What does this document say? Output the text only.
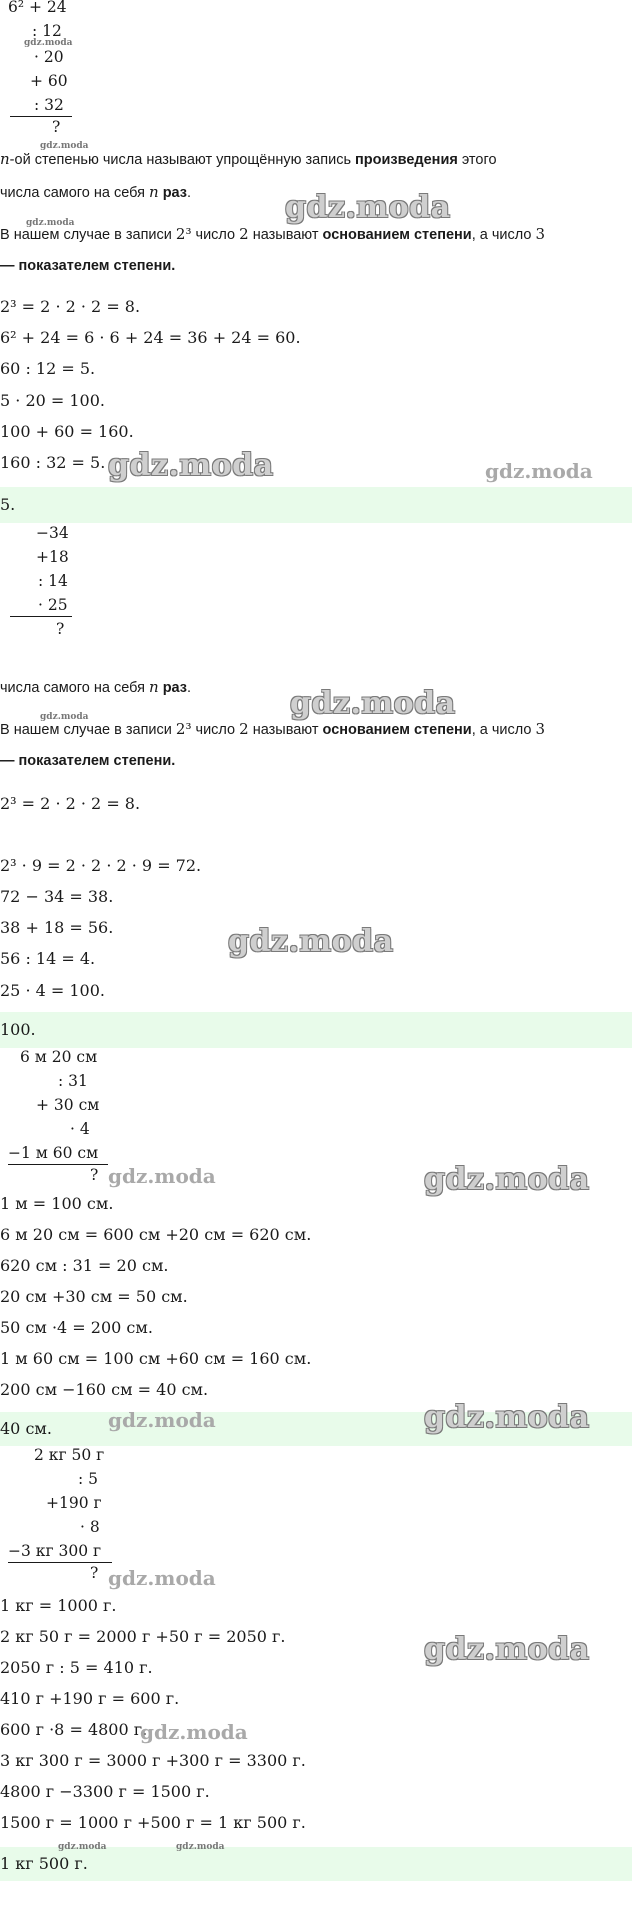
6² + 24
: 12
· 20
+ 60
: 32
?
n-ой степенью числа называют упрощённую запись произведения этого
числа самого на себя n раз.
В нашем случае в записи 2³ число 2 называют основанием степени, а число 3
— показателем степени.
2³ = 2 · 2 · 2 = 8.
6² + 24 = 6 · 6 + 24 = 36 + 24 = 60.
60 : 12 = 5.
5 · 20 = 100.
100 + 60 = 160.
160 : 32 = 5.
5.
−34
+18
: 14
· 25
?
числа самого на себя n раз.
В нашем случае в записи 2³ число 2 называют основанием степени, а число 3
— показателем степени.
2³ = 2 · 2 · 2 = 8.
2³ · 9 = 2 · 2 · 2 · 9 = 72.
72 − 34 = 38.
38 + 18 = 56.
56 : 14 = 4.
25 · 4 = 100.
100.
6 м 20 см
: 31
+ 30 см
· 4
−1 м 60 см
?
1 м = 100 см.
6 м 20 см = 600 см +20 см = 620 см.
620 см : 31 = 20 см.
20 см +30 см = 50 см.
50 см ·4 = 200 см.
1 м 60 см = 100 см +60 см = 160 см.
200 см −160 см = 40 см.
40 см.
2 кг 50 г
: 5
+190 г
· 8
−3 кг 300 г
?
1 кг = 1000 г.
2 кг 50 г = 2000 г +50 г = 2050 г.
2050 г : 5 = 410 г.
410 г +190 г = 600 г.
600 г ·8 = 4800 г.
3 кг 300 г = 3000 г +300 г = 3300 г.
4800 г −3300 г = 1500 г.
1500 г = 1000 г +500 г = 1 кг 500 г.
1 кг 500 г.
gdz.moda
gdz.moda
gdz.moda
gdz.moda
gdz.moda	gdz.moda
gdz.moda
gdz.moda
gdz.moda
gdz.moda	gdz.moda
gdz.moda	gdz.moda
gdz.moda
gdz.moda
gdz.moda
gdz.moda	gdz.moda
